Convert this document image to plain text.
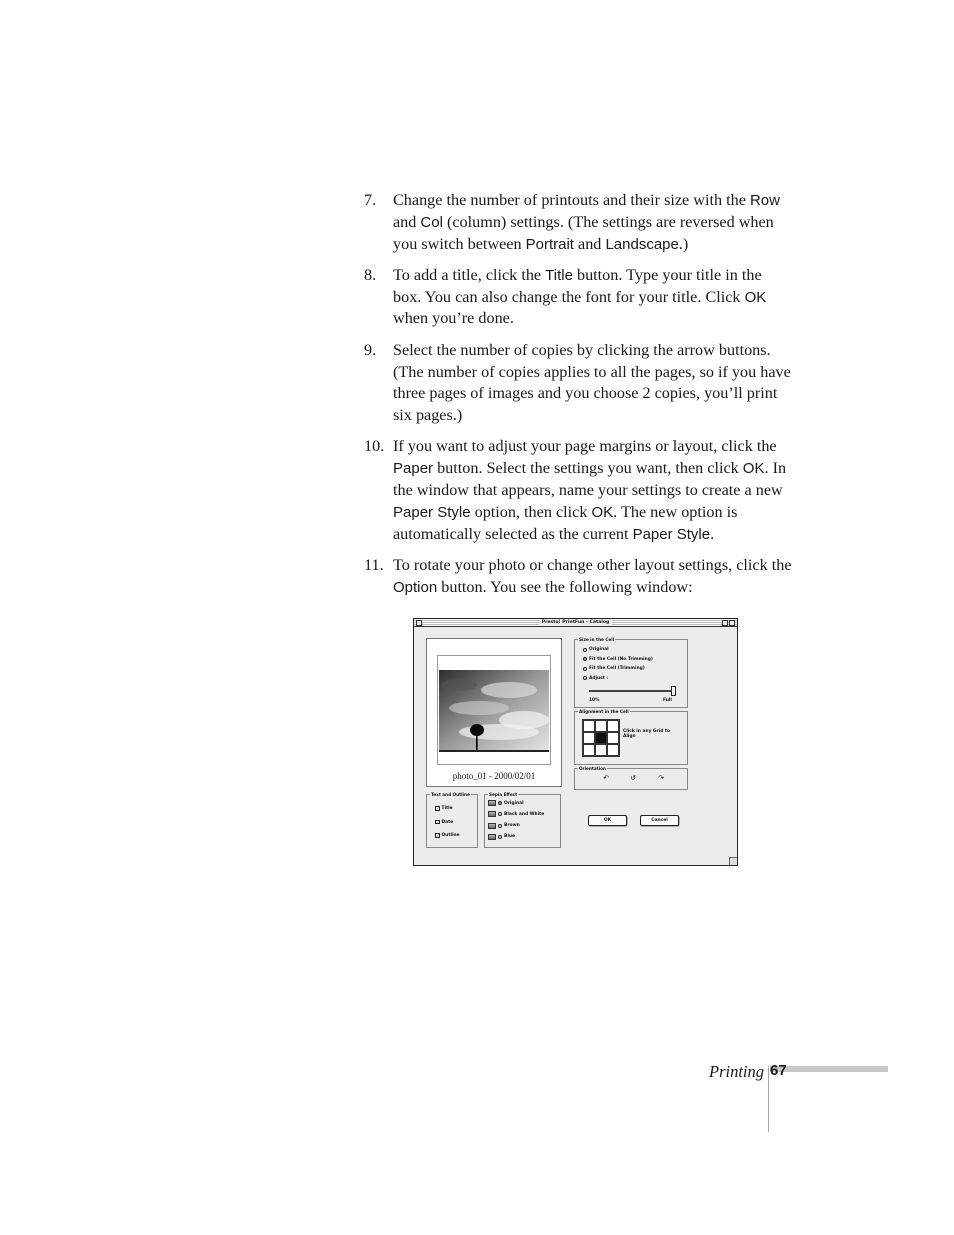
7. Change the number of printouts and their size with the Row and Col (column) settings. (The settings are reversed when you switch between Portrait and Landscape.)
8. To add a title, click the Title button. Type your title in the box. You can also change the font for your title. Click OK when you’re done.
9. Select the number of copies by clicking the arrow buttons. (The number of copies applies to all the pages, so if you have three pages of images and you choose 2 copies, you’ll print six pages.)
10. If you want to adjust your page margins or layout, click the Paper button. Select the settings you want, then click OK. In the window that appears, name your settings to create a new Paper Style option, then click OK. The new option is automatically selected as the current Paper Style.
11. To rotate your photo or change other layout settings, click the Option button. You see the following window:
Presto! PrintFun - Catalog
photo_01 - 2000/02/01
Size in the Cell
Original
Fit the Cell (No Trimming)
Fit the Cell (Trimming)
Adjust :
10%	Full
Alignment in the Cell
Click in any Grid to Align
Orientation
↶	↺	↷
Text and Outline
✓ Title
✓ Date
✓ Outline
Sepia Effect
Original
Black and White
Brown
Blue
OK	Cancel
Printing 67
